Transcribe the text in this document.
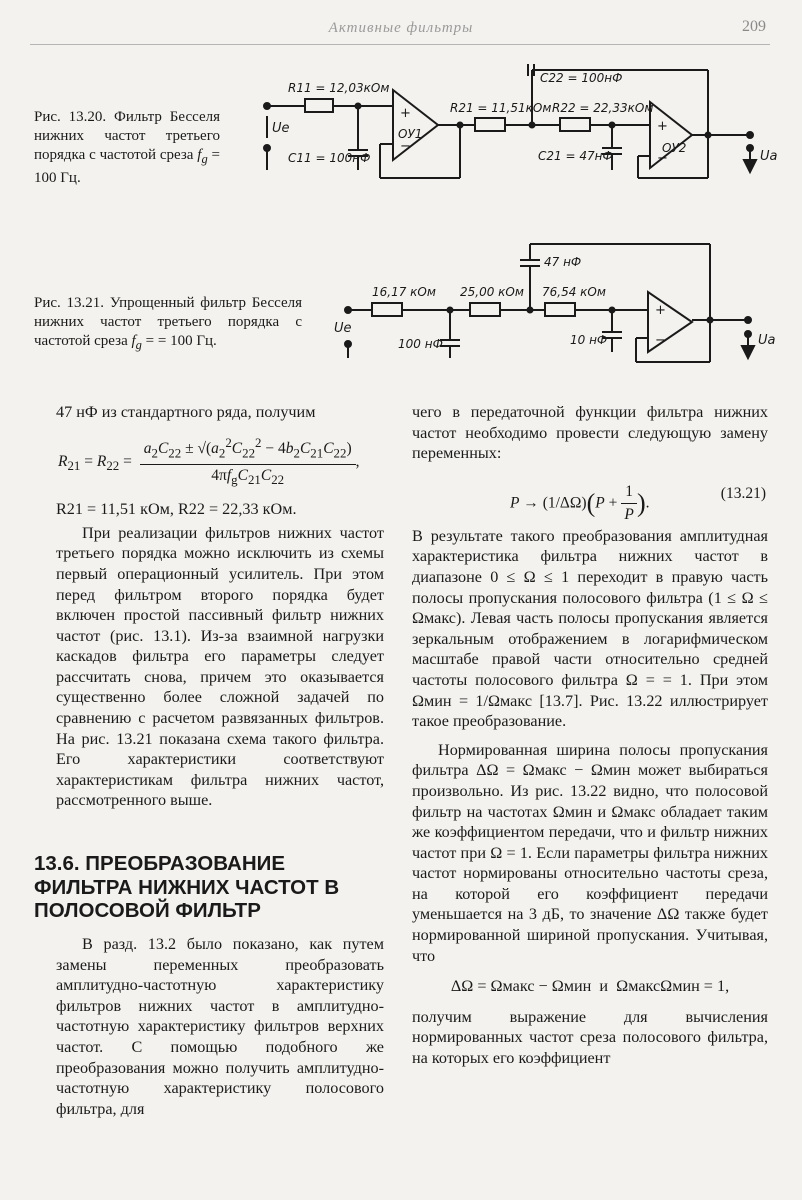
Активные фильтры	209
Рис. 13.20. Фильтр Бесселя нижних частот третьего порядка с частотой среза $f_g = 100$ Гц.
+
−
+
−
Ue
Ua
R11 = 12,03кОм
C11 = 100нФ
ОУ1
R21 = 11,51кОм R22 = 22,33кОм
C22 = 100нФ
C21 = 47нФ
ОУ2
Рис. 13.21. Упрощенный фильтр Бесселя нижних частот третьего порядка с частотой среза $f_g$ = = 100 Гц.
+
−
Ue
Ua
16,17 кОм 25,00 кОм 76,54 кОм
47 нФ
100 нФ	10 нФ

47 нФ из стандартного ряда, получим

$R_{21} = R_{22} = \frac{a_2C_{22} \pm √(a_2^2C_{22}^2 - 4b_2C_{21}C_{22})}{4\pi f_gC_{21}C_{22}}$ ,

R21 = 11,51 кОм, R22 = 22,33 кОм.

При реализации фильтров нижних частот третьего порядка можно исключить из схемы первый операционный усилитель. При этом перед фильтром второго порядка будет включен простой пассивный фильтр нижних частот (рис. 13.1). Из-за взаимной нагрузки каскадов фильтра его параметры следует рассчитать снова, причем это оказывается существенно более сложной задачей по сравнению с расчетом развязанных фильтров. На рис. 13.21 показана схема такого фильтра. Его характеристики соответствуют характеристикам фильтра нижних частот, рассмотренного выше.

13.6. ПРЕОБРАЗОВАНИЕ ФИЛЬТРА НИЖНИХ ЧАСТОТ В ПОЛОСОВОЙ ФИЛЬТР

В разд. 13.2 было показано, как путем замены переменных преобразовать амплитудно-частотную характеристику фильтров нижних частот в амплитудно-частотную характеристику фильтров верхних частот. С помощью подобного же преобразования можно получить амплитудно-частотную характеристику полосового фильтра, для

чего в передаточной функции фильтра нижних частот необходимо провести следующую замену переменных:

$P \to (1/\Delta\Omega)(P + \frac{1}{P}$ ).
(13.21)

В результате такого преобразования амплитудная характеристика фильтра нижних частот в диапазоне 0 ≤ Ω ≤ 1 переходит в правую часть полосы пропускания полосового фильтра (1 ≤ Ω ≤ Ωмакс). Левая часть полосы пропускания является зеркальным отображением в логарифмическом масштабе правой части относительно средней частоты полосового фильтра Ω = = 1. При этом Ωмин = 1/Ωмакс [13.7]. Рис. 13.22 иллюстрирует такое преобразование.

Нормированная ширина полосы пропускания фильтра ΔΩ = Ωмакс − Ωмин может выбираться произвольно. Из рис. 13.22 видно, что полосовой фильтр на частотах Ωмин и Ωмакс обладает таким же коэффициентом передачи, что и фильтр нижних частот при Ω = 1. Если параметры фильтра нижних частот нормированы относительно частоты среза, на которой его коэффициент передачи уменьшается на 3 дБ, то значение ΔΩ также будет нормированной шириной пропускания. Учитывая, что

ΔΩ = Ωмакс − Ωмин  и  ΩмаксΩмин = 1,

получим выражение для вычисления нормированных частот среза полосового фильтра, на которых его коэффициент
